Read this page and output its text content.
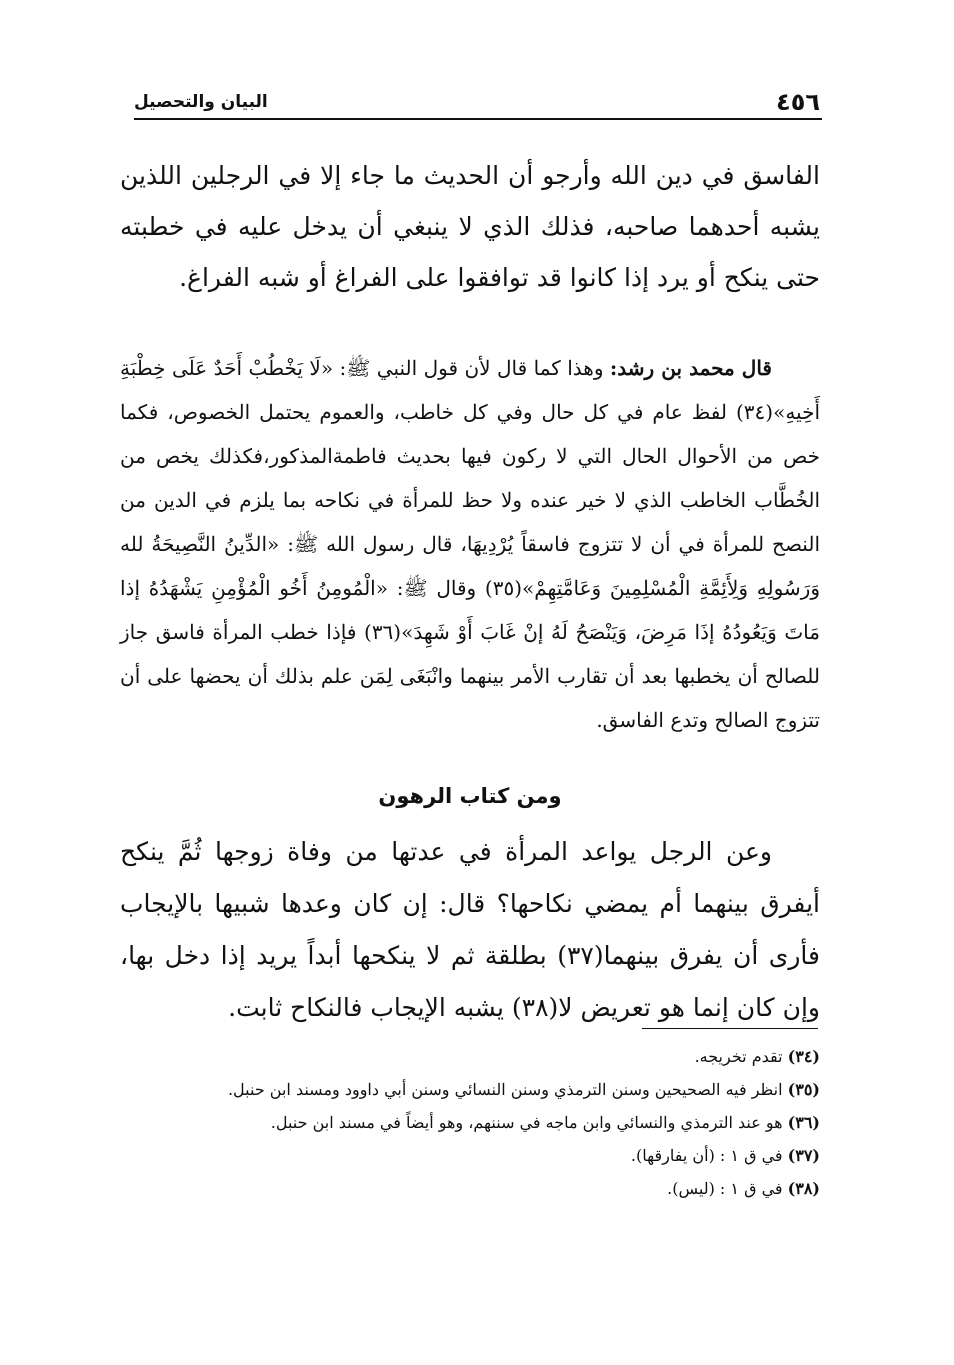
٤٥٦
البيان والتحصيل
الفاسق في دين الله وأرجو أن الحديث ما جاء إلا في الرجلين اللذين يشبه أحدهما صاحبه، فذلك الذي لا ينبغي أن يدخل عليه في خطبته حتى ينكح أو يرد إذا كانوا قد توافقوا على الفراغ أو شبه الفراغ.
قال محمد بن رشد: وهذا كما قال لأن قول النبي ﷺ: «لَا يَخْطُبْ أَحَدٌ عَلَى خِطْبَةِ أَخِيهِ»(٣٤) لفظ عام في كل حال وفي كل خاطب، والعموم يحتمل الخصوص، فكما خص من الأحوال الحال التي لا ركون فيها بحديث فاطمةالمذكور،فكذلك يخص من الخُطَّاب الخاطب الذي لا خير عنده ولا حظ للمرأة في نكاحه بما يلزم في الدين من النصح للمرأة في أن لا تتزوج فاسقاً يُرْدِيهَا، قال رسول الله ﷺ: «الدِّينُ النَّصِيحَةُ لله وَرَسُولِهِ وَلِأَئِمَّةِ الْمُسْلِمِينَ وَعَامَّتِهِمْ»(٣٥) وقال ﷺ: «الْمُومِنُ أَخُو الْمُؤْمِنِ يَشْهَدُهُ إذا مَاتَ وَيَعُودُهُ إذَا مَرِضَ، وَيَنْصَحُ لَهُ إنْ غَابَ أَوْ شَهِدَ»(٣٦) فإذا خطب المرأة فاسق جاز للصالح أن يخطبها بعد أن تقارب الأمر بينهما وانْبَغَى لِمَن علم بذلك أن يحضها على أن تتزوج الصالح وتدع الفاسق.
ومن كتاب الرهون
وعن الرجل يواعد المرأة في عدتها من وفاة زوجها ثُمَّ ينكح أيفرق بينهما أم يمضي نكاحها؟ قال: إن كان وعدها شبيها بالإيجاب فأرى أن يفرق بينهما(٣٧) بطلقة ثم لا ينكحها أبداً يريد إذا دخل بها، وإن كان إنما هو تعريض لا(٣٨) يشبه الإيجاب فالنكاح ثابت.
(٣٤) تقدم تخريجه.
(٣٥) انظر فيه الصحيحين وسنن الترمذي وسنن النسائي وسنن أبي داوود ومسند ابن حنبل.
(٣٦) هو عند الترمذي والنسائي وابن ماجه في سننهم، وهو أيضاً في مسند ابن حنبل.
(٣٧) في ق ١ : (أن يفارقها).
(٣٨) في ق ١ : (ليس).
